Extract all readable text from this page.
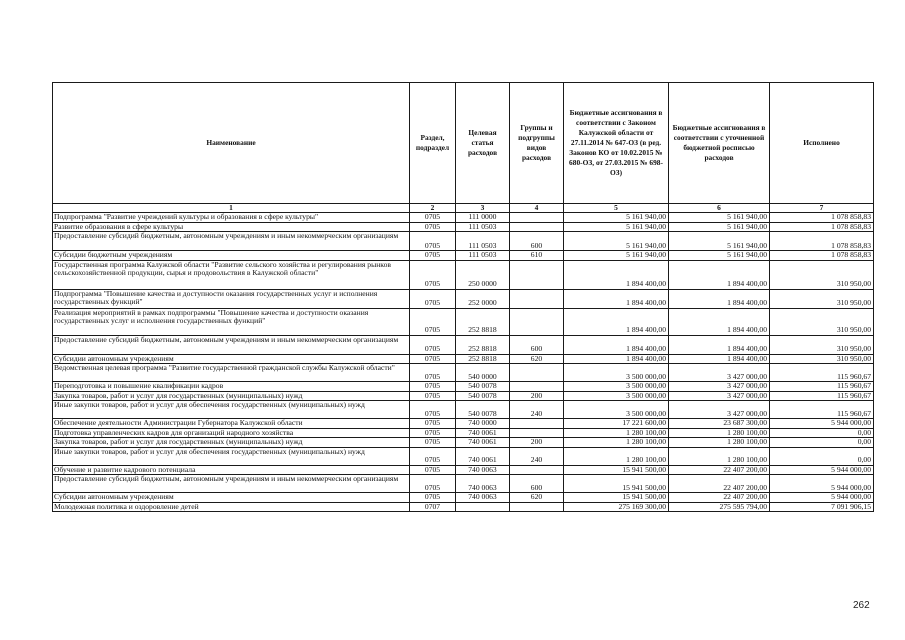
Наименование	Раздел, подраздел	Целевая статья расходов	Группы и подгруппы видов расходов	Бюджетные ассигнования в соответствии с Законом Калужской области от 27.11.2014 № 647-ОЗ (в ред. Законов КО от 10.02.2015 № 680-ОЗ, от 27.03.2015 № 698-ОЗ)	Бюджетные ассигнования в соответствии с уточненной бюджетной росписью расходов	Исполнено
1	2	3	4	5	6	7
Подпрограмма "Развитие учреждений культуры и образования в сфере культуры"	0705	111 0000		5 161 940,00	5 161 940,00	1 078 858,83
Развитие образования в сфере культуры	0705	111 0503		5 161 940,00	5 161 940,00	1 078 858,83
Предоставление субсидий бюджетным, автономным учреждениям и иным некоммерческим организациям	0705	111 0503	600	5 161 940,00	5 161 940,00	1 078 858,83
Субсидии бюджетным учреждениям	0705	111 0503	610	5 161 940,00	5 161 940,00	1 078 858,83
Государственная программа Калужской области "Развитие сельского хозяйства и регулирования рынков сельскохозяйственной продукции, сырья и продовольствия в Калужской области"	0705	250 0000		1 894 400,00	1 894 400,00	310 950,00
Подпрограмма "Повышение качества и доступности оказания государственных услуг и исполнения государственных функций"	0705	252 0000		1 894 400,00	1 894 400,00	310 950,00
Реализация мероприятий в рамках подпрограммы "Повышение качества и доступности оказания государственных услуг и исполнения государственных функций"	0705	252 8818		1 894 400,00	1 894 400,00	310 950,00
Предоставление субсидий бюджетным, автономным учреждениям и иным некоммерческим организациям	0705	252 8818	600	1 894 400,00	1 894 400,00	310 950,00
Субсидии автономным учреждениям	0705	252 8818	620	1 894 400,00	1 894 400,00	310 950,00
Ведомственная целевая программа "Развитие государственной гражданской службы Калужской области"	0705	540 0000		3 500 000,00	3 427 000,00	115 960,67
Переподготовка и повышение квалификации кадров	0705	540 0078		3 500 000,00	3 427 000,00	115 960,67
Закупка товаров, работ и услуг для государственных (муниципальных) нужд	0705	540 0078	200	3 500 000,00	3 427 000,00	115 960,67
Иные закупки товаров, работ и услуг для обеспечения государственных (муниципальных) нужд	0705	540 0078	240	3 500 000,00	3 427 000,00	115 960,67
Обеспечение деятельности Администрации Губернатора Калужской области	0705	740 0000		17 221 600,00	23 687 300,00	5 944 000,00
Подготовка управленческих кадров для организаций народного хозяйства	0705	740 0061		1 280 100,00	1 280 100,00	0,00
Закупка товаров, работ и услуг для государственных (муниципальных) нужд	0705	740 0061	200	1 280 100,00	1 280 100,00	0,00
Иные закупки товаров, работ и услуг для обеспечения государственных (муниципальных) нужд	0705	740 0061	240	1 280 100,00	1 280 100,00	0,00
Обучение и развитие кадрового потенциала	0705	740 0063		15 941 500,00	22 407 200,00	5 944 000,00
Предоставление субсидий бюджетным, автономным учреждениям и иным некоммерческим организациям	0705	740 0063	600	15 941 500,00	22 407 200,00	5 944 000,00
Субсидии автономным учреждениям	0705	740 0063	620	15 941 500,00	22 407 200,00	5 944 000,00
Молодежная политика и оздоровление детей	0707			275 169 300,00	275 595 794,00	7 091 906,15
262
